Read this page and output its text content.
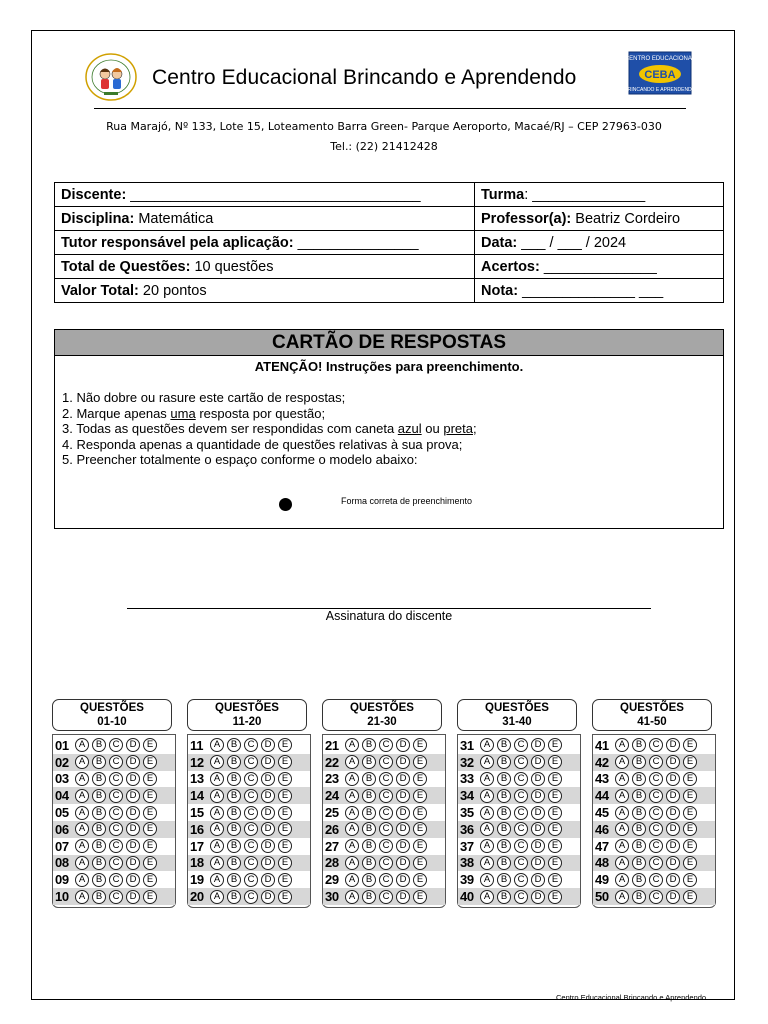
Centro Educacional Brincando e Aprendendo
CENTRO EDUCACIONAL
CEBA
BRINCANDO E APRENDENDO
Rua Marajó, Nº 133, Lote 15, Loteamento Barra Green- Parque Aeroporto, Macaé/RJ – CEP 27963-030
Tel.: (22) 21412428
Discente: ____________________________________	Turma: ______________
Disciplina: Matemática	Professor(a): Beatriz Cordeiro
Tutor responsável pela aplicação: _______________	Data: ___ / ___ / 2024
Total de Questões: 10 questões	Acertos: ______________
Valor Total: 20 pontos	Nota: ______________ ___
CARTÃO DE RESPOSTAS
ATENÇÃO! Instruções para preenchimento.
1. Não dobre ou rasure este cartão de respostas;
2. Marque apenas uma resposta por questão;
3. Todas as questões devem ser respondidas com caneta azul ou preta;
4. Responda apenas a quantidade de questões relativas à sua prova;
5. Preencher totalmente o espaço conforme o modelo abaixo:
Forma correta de preenchimento
Assinatura do discente
QUESTÕES
01-10
01	A	B	C	D	E
02	A	B	C	D	E
03	A	B	C	D	E
04	A	B	C	D	E
05	A	B	C	D	E
06	A	B	C	D	E
07	A	B	C	D	E
08	A	B	C	D	E
09	A	B	C	D	E
10	A	B	C	D	E
QUESTÕES
11-20
11	A	B	C	D	E
12	A	B	C	D	E
13	A	B	C	D	E
14	A	B	C	D	E
15	A	B	C	D	E
16	A	B	C	D	E
17	A	B	C	D	E
18	A	B	C	D	E
19	A	B	C	D	E
20	A	B	C	D	E
QUESTÕES
21-30
21	A	B	C	D	E
22	A	B	C	D	E
23	A	B	C	D	E
24	A	B	C	D	E
25	A	B	C	D	E
26	A	B	C	D	E
27	A	B	C	D	E
28	A	B	C	D	E
29	A	B	C	D	E
30	A	B	C	D	E
QUESTÕES
31-40
31	A	B	C	D	E
32	A	B	C	D	E
33	A	B	C	D	E
34	A	B	C	D	E
35	A	B	C	D	E
36	A	B	C	D	E
37	A	B	C	D	E
38	A	B	C	D	E
39	A	B	C	D	E
40	A	B	C	D	E
QUESTÕES
41-50
41	A	B	C	D	E
42	A	B	C	D	E
43	A	B	C	D	E
44	A	B	C	D	E
45	A	B	C	D	E
46	A	B	C	D	E
47	A	B	C	D	E
48	A	B	C	D	E
49	A	B	C	D	E
50	A	B	C	D	E
Centro Educacional Brincando e Aprendendo
